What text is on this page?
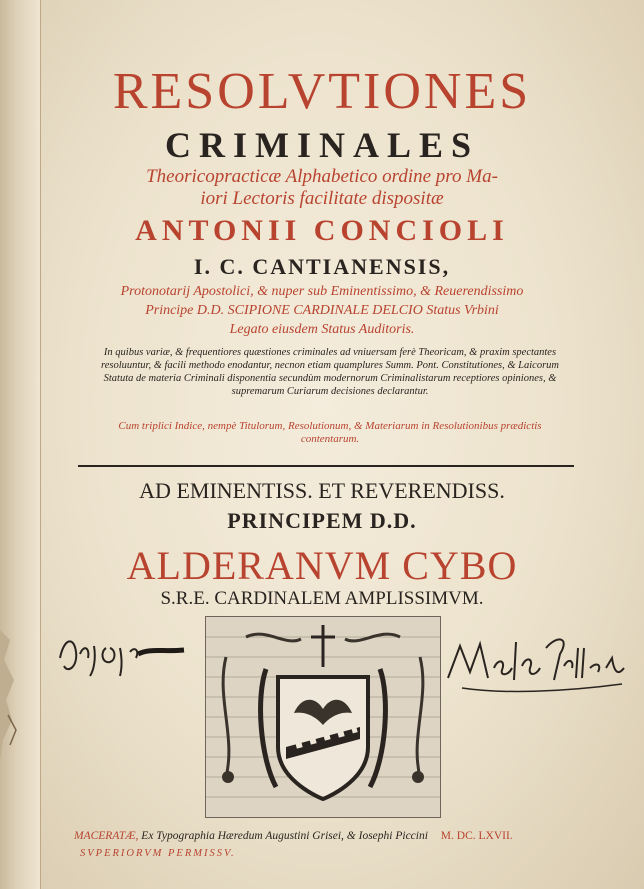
RESOLVTIONES
CRIMINALES
Theoricopracticæ Alphabetico ordine pro Ma-
iori Lectoris facilitate dispositæ
ANTONII CONCIOLI
I. C. CANTIANENSIS,
Protonotarij Apostolici, & nuper sub Eminentissimo, & Reuerendissimo
Principe D.D. SCIPIONE CARDINALE DELCIO Status Vrbini
Legato eiusdem Status Auditoris.
In quibus variæ, & frequentiores quæstiones criminales ad vniuersam ferè Theoricam, & praxim spectantes resoluuntur, & facili methodo enodantur, necnon etiam quamplures Summ. Pont. Constitutiones, & Laicorum Statuta de materia Criminali disponentia secundùm modernorum Criminalistarum receptiores opiniones, & supremarum Curiarum decisiones declarantur.
Cum triplici Indice, nempè Titulorum, Resolutionum, & Materiarum in Resolutionibus prædictis contentarum.
AD EMINENTISS. ET REVERENDISS.
PRINCIPEM D.D.
ALDERANVM CYBO
S.R.E. CARDINALEM AMPLISSIMVM.
MACERATÆ, Ex Typographia Hæredum Augustini Grisei, & Iosephi Piccini M. DC. LXVII.
SVPERIORVM PERMISSV.
